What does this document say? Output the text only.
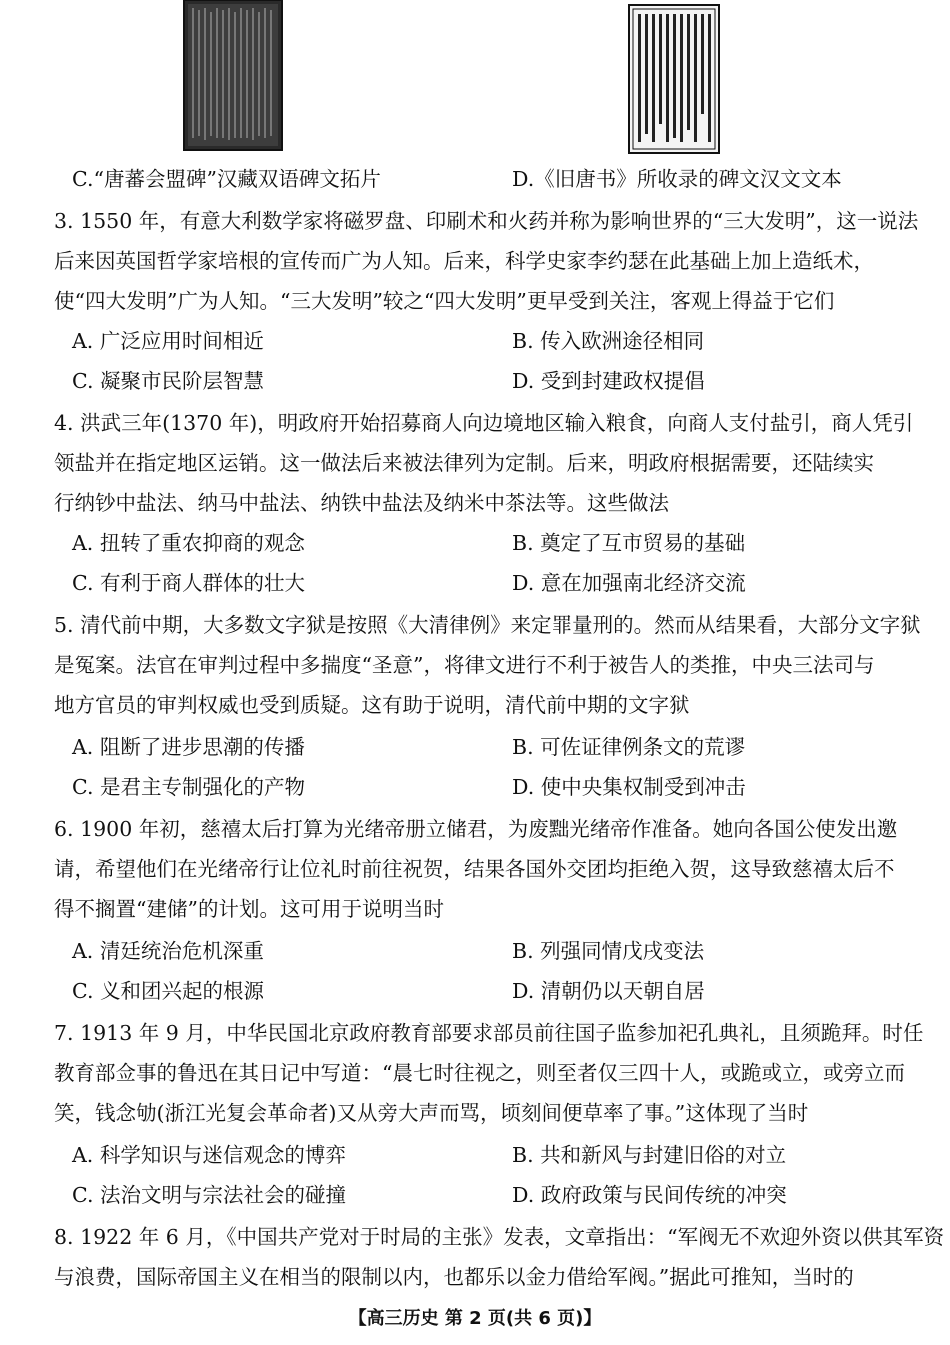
C.“唐蕃会盟碑”汉藏双语碑文拓片	D.《旧唐书》所收录的碑文汉文文本
3. 1550 年，有意大利数学家将磁罗盘、印刷术和火药并称为影响世界的“三大发明”，这一说法
后来因英国哲学家培根的宣传而广为人知。后来，科学史家李约瑟在此基础上加上造纸术，
使“四大发明”广为人知。“三大发明”较之“四大发明”更早受到关注，客观上得益于它们
A. 广泛应用时间相近	B. 传入欧洲途径相同
C. 凝聚市民阶层智慧	D. 受到封建政权提倡
4. 洪武三年(1370 年)，明政府开始招募商人向边境地区输入粮食，向商人支付盐引，商人凭引
领盐并在指定地区运销。这一做法后来被法律列为定制。后来，明政府根据需要，还陆续实
行纳钞中盐法、纳马中盐法、纳铁中盐法及纳米中茶法等。这些做法
A. 扭转了重农抑商的观念	B. 奠定了互市贸易的基础
C. 有利于商人群体的壮大	D. 意在加强南北经济交流
5. 清代前中期，大多数文字狱是按照《大清律例》来定罪量刑的。然而从结果看，大部分文字狱
是冤案。法官在审判过程中多揣度“圣意”，将律文进行不利于被告人的类推，中央三法司与
地方官员的审判权威也受到质疑。这有助于说明，清代前中期的文字狱
A. 阻断了进步思潮的传播	B. 可佐证律例条文的荒谬
C. 是君主专制强化的产物	D. 使中央集权制受到冲击
6. 1900 年初，慈禧太后打算为光绪帝册立储君，为废黜光绪帝作准备。她向各国公使发出邀
请，希望他们在光绪帝行让位礼时前往祝贺，结果各国外交团均拒绝入贺，这导致慈禧太后不
得不搁置“建储”的计划。这可用于说明当时
A. 清廷统治危机深重	B. 列强同情戊戌变法
C. 义和团兴起的根源	D. 清朝仍以天朝自居
7. 1913 年 9 月，中华民国北京政府教育部要求部员前往国子监参加祀孔典礼，且须跪拜。时任
教育部佥事的鲁迅在其日记中写道：“晨七时往视之，则至者仅三四十人，或跪或立，或旁立而
笑，钱念劬(浙江光复会革命者)又从旁大声而骂，顷刻间便草率了事。”这体现了当时
A. 科学知识与迷信观念的博弈	B. 共和新风与封建旧俗的对立
C. 法治文明与宗法社会的碰撞	D. 政府政策与民间传统的冲突
8. 1922 年 6 月，《中国共产党对于时局的主张》发表，文章指出：“军阀无不欢迎外资以供其军资
与浪费，国际帝国主义在相当的限制以内，也都乐以金力借给军阀。”据此可推知，当时的
【高三历史 第 2 页(共 6 页)】
